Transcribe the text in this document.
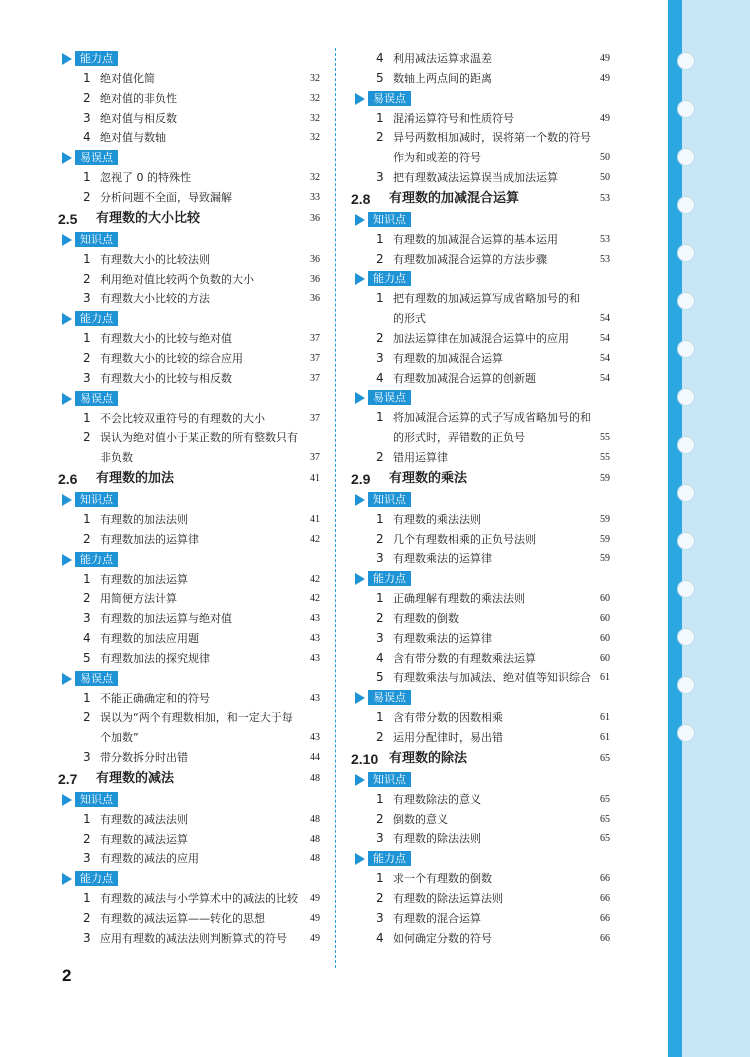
能力点
1 绝对值化简	32
2 绝对值的非负性	32
3 绝对值与相反数	32
4 绝对值与数轴	32
易误点
1 忽视了 0 的特殊性	32
2 分析问题不全面，导致漏解	33
2.5 有理数的大小比较	36
知识点
1 有理数大小的比较法则	36
2 利用绝对值比较两个负数的大小	36
3 有理数大小比较的方法	36
能力点
1 有理数大小的比较与绝对值	37
2 有理数大小的比较的综合应用	37
3 有理数大小的比较与相反数	37
易误点
1 不会比较双重符号的有理数的大小	37
2 误认为绝对值小于某正数的所有整数只有
非负数	37
2.6 有理数的加法	41
知识点
1 有理数的加法法则	41
2 有理数加法的运算律	42
能力点
1 有理数的加法运算	42
2 用简便方法计算	42
3 有理数的加法运算与绝对值	43
4 有理数的加法应用题	43
5 有理数加法的探究规律	43
易误点
1 不能正确确定和的符号	43
2 误以为“两个有理数相加，和一定大于每
个加数”	43
3 带分数拆分时出错	44
2.7 有理数的减法	48
知识点
1 有理数的减法法则	48
2 有理数的减法运算	48
3 有理数的减法的应用	48
能力点
1 有理数的减法与小学算术中的减法的比较 49
2 有理数的减法运算——转化的思想	49
3 应用有理数的减法法则判断算式的符号 49
4 利用减法运算求温差	49
5 数轴上两点间的距离	49
易误点
1 混淆运算符号和性质符号	49
2 异号两数相加减时，误将第一个数的符号
作为和或差的符号	50
3 把有理数减法运算误当成加法运算	50
2.8 有理数的加减混合运算	53
知识点
1 有理数的加减混合运算的基本运用	53
2 有理数加减混合运算的方法步骤	53
能力点
1 把有理数的加减运算写成省略加号的和
的形式	54
2 加法运算律在加减混合运算中的应用	54
3 有理数的加减混合运算	54
4 有理数加减混合运算的创新题	54
易误点
1 将加减混合运算的式子写成省略加号的和
的形式时，弄错数的正负号	55
2 错用运算律	55
2.9 有理数的乘法	59
知识点
1 有理数的乘法法则	59
2 几个有理数相乘的正负号法则	59
3 有理数乘法的运算律	59
能力点
1 正确理解有理数的乘法法则	60
2 有理数的倒数	60
3 有理数乘法的运算律	60
4 含有带分数的有理数乘法运算	60
5 有理数乘法与加减法、绝对值等知识综合 61
易误点
1 含有带分数的因数相乘	61
2 运用分配律时，易出错	61
2.10 有理数的除法	65
知识点
1 有理数除法的意义	65
2 倒数的意义	65
3 有理数的除法法则	65
能力点
1 求一个有理数的倒数	66
2 有理数的除法运算法则	66
3 有理数的混合运算	66
4 如何确定分数的符号	66
2
